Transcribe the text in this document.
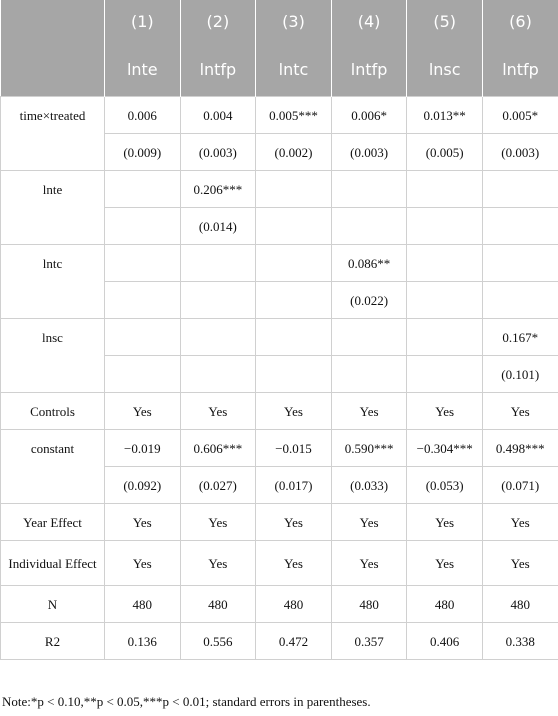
	(1)	(2)	(3)	(4)	(5)	(6)
	lnte	lntfp	lntc	lntfp	lnsc	lntfp
time×treated	0.006	0.004	0.005***	0.006*	0.013**	0.005*
	(0.009)	(0.003)	(0.002)	(0.003)	(0.005)	(0.003)
lnte		0.206***				
		(0.014)				
lntc				0.086**		
				(0.022)		
lnsc						0.167*
						(0.101)
Controls	Yes	Yes	Yes	Yes	Yes	Yes
constant	−0.019	0.606***	−0.015	0.590***	−0.304***	0.498***
	(0.092)	(0.027)	(0.017)	(0.033)	(0.053)	(0.071)
Year Effect	Yes	Yes	Yes	Yes	Yes	Yes
Individual Effect	Yes	Yes	Yes	Yes	Yes	Yes
N	480	480	480	480	480	480
R2	0.136	0.556	0.472	0.357	0.406	0.338
Note:*p < 0.10,**p < 0.05,***p < 0.01; standard errors in parentheses.
